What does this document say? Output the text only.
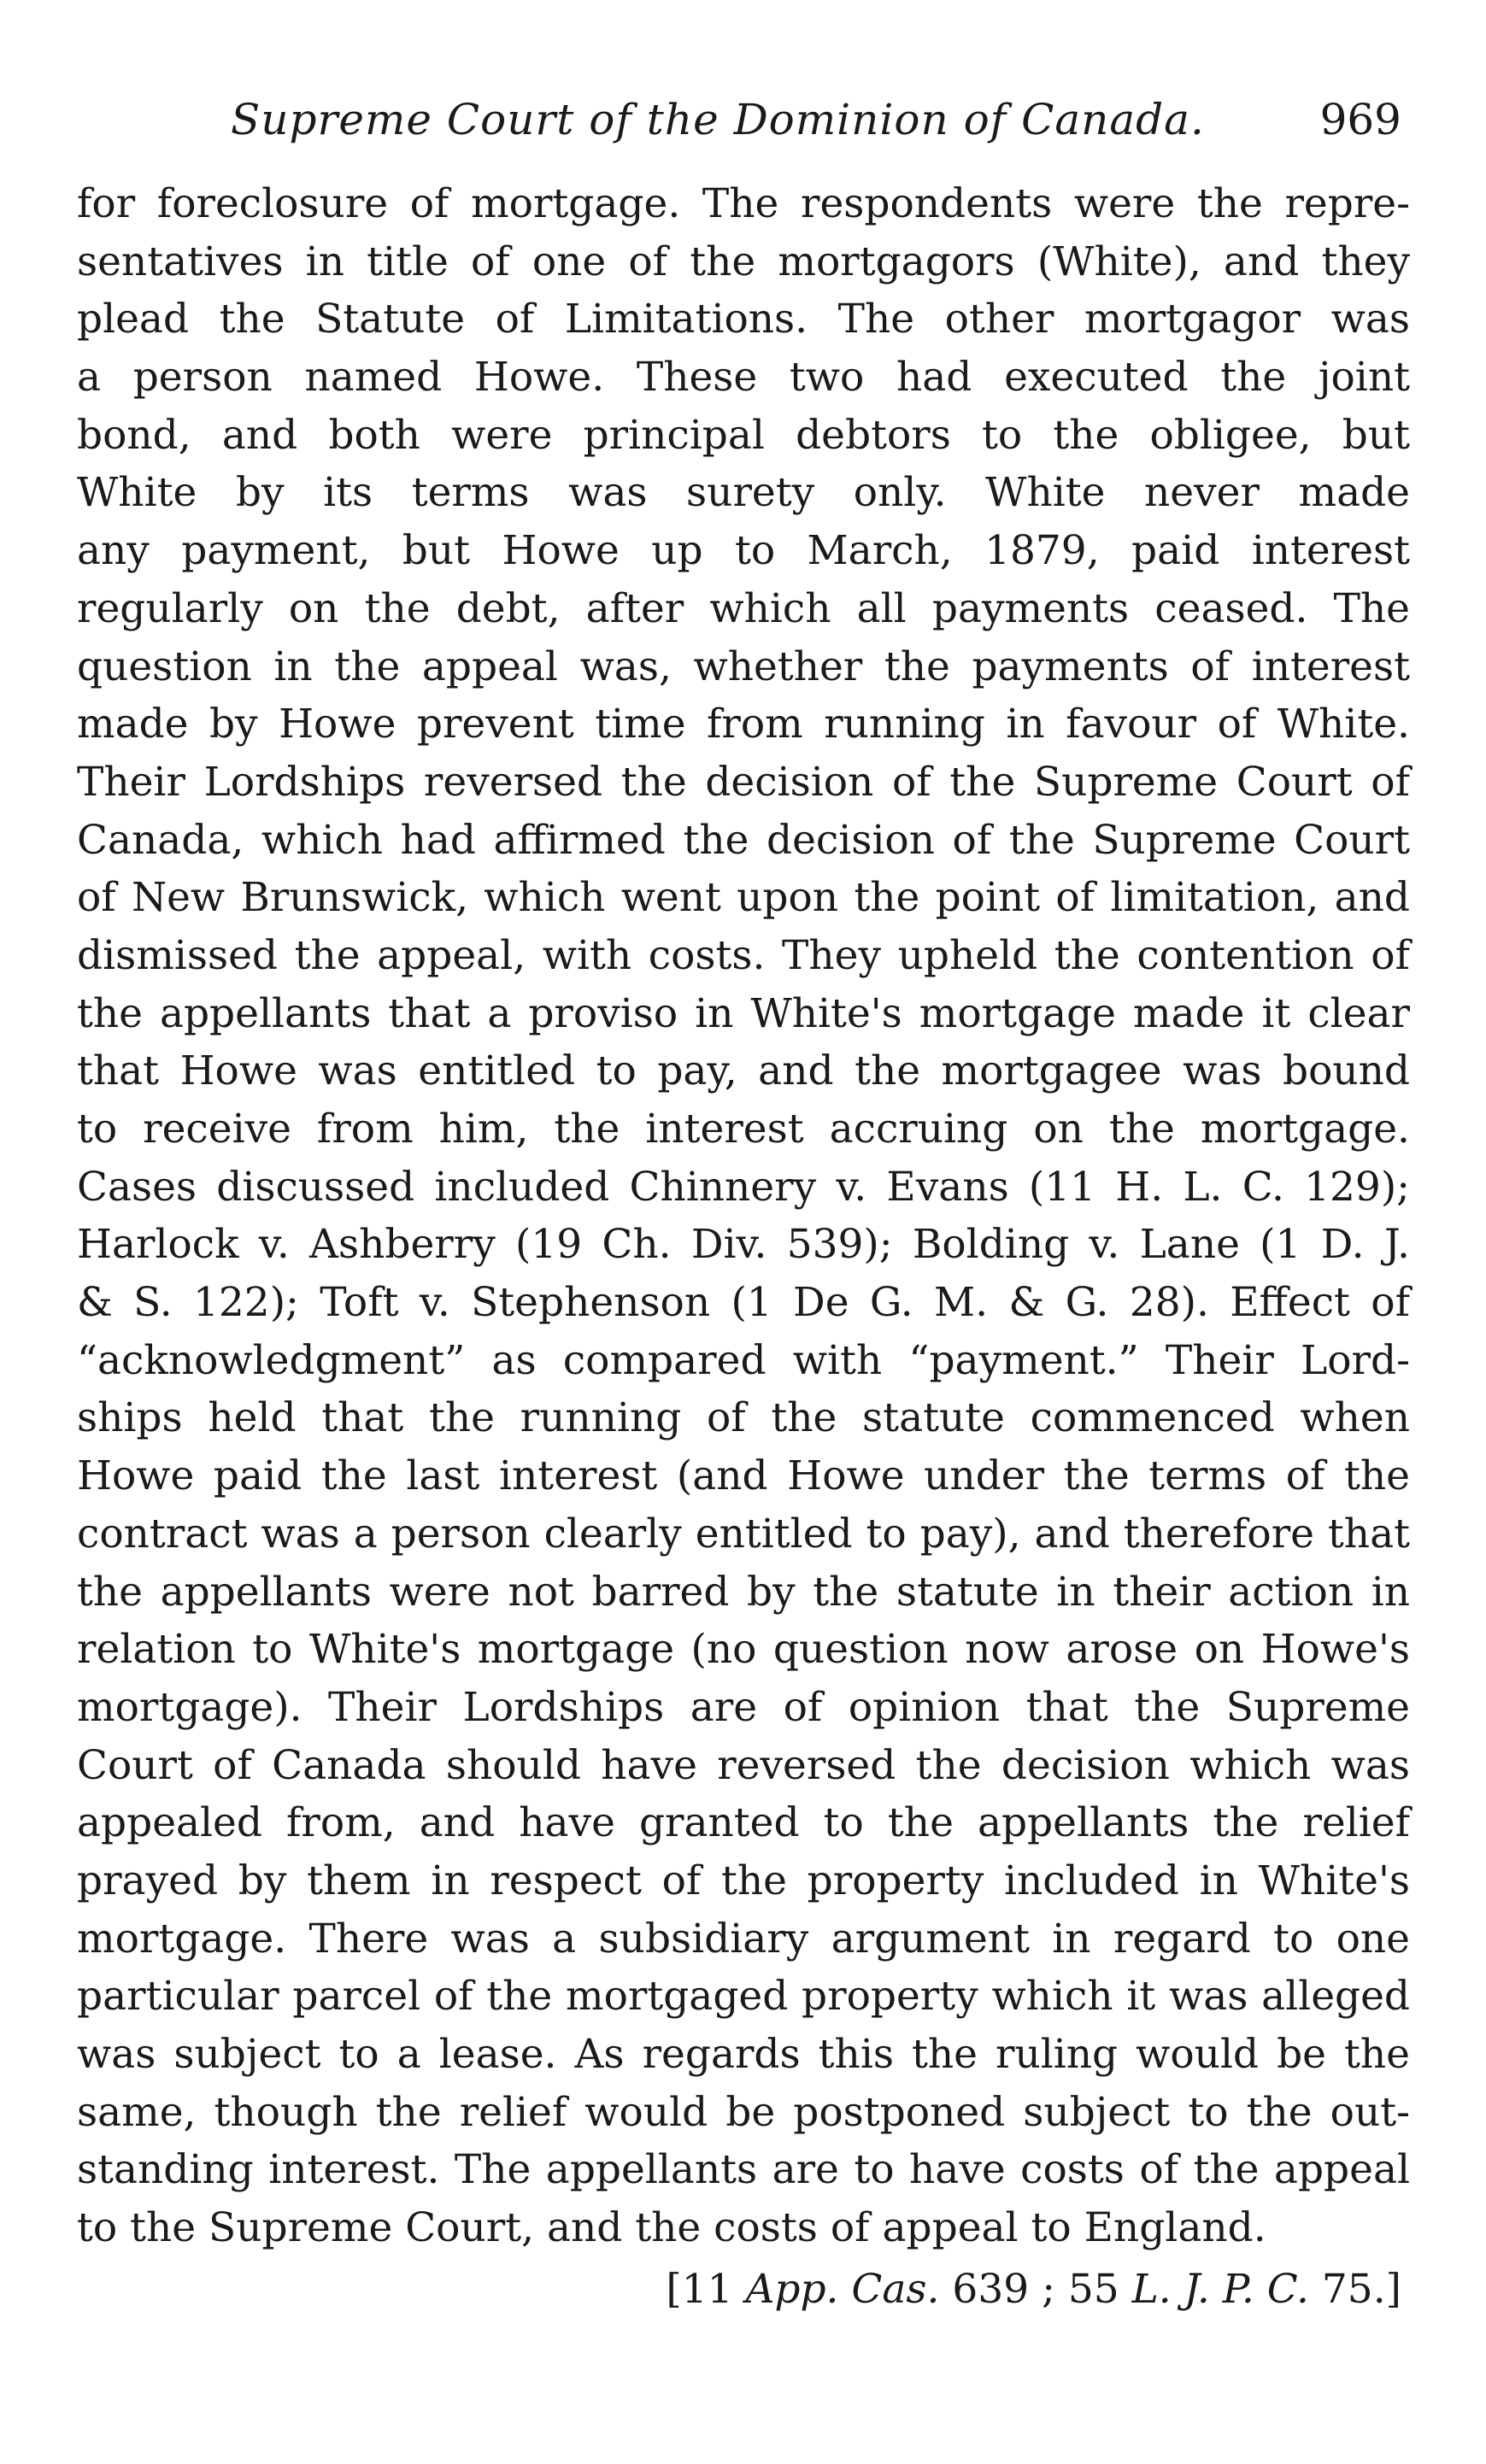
Supreme Court of the Dominion of Canada.	969
for foreclosure of mortgage. The respondents were the repre-
sentatives in title of one of the mortgagors (White), and they
plead the Statute of Limitations. The other mortgagor was
a person named Howe. These two had executed the joint
bond, and both were principal debtors to the obligee, but
White by its terms was surety only. White never made
any payment, but Howe up to March, 1879, paid interest
regularly on the debt, after which all payments ceased. The
question in the appeal was, whether the payments of interest
made by Howe prevent time from running in favour of White.
Their Lordships reversed the decision of the Supreme Court of
Canada, which had affirmed the decision of the Supreme Court
of New Brunswick, which went upon the point of limitation, and
dismissed the appeal, with costs. They upheld the contention of
the appellants that a proviso in White's mortgage made it clear
that Howe was entitled to pay, and the mortgagee was bound
to receive from him, the interest accruing on the mortgage.
Cases discussed included Chinnery v. Evans (11 H. L. C. 129);
Harlock v. Ashberry (19 Ch. Div. 539); Bolding v. Lane (1 D. J.
& S. 122); Toft v. Stephenson (1 De G. M. & G. 28). Effect of
“acknowledgment” as compared with “payment.” Their Lord-
ships held that the running of the statute commenced when
Howe paid the last interest (and Howe under the terms of the
contract was a person clearly entitled to pay), and therefore that
the appellants were not barred by the statute in their action in
relation to White's mortgage (no question now arose on Howe's
mortgage). Their Lordships are of opinion that the Supreme
Court of Canada should have reversed the decision which was
appealed from, and have granted to the appellants the relief
prayed by them in respect of the property included in White's
mortgage. There was a subsidiary argument in regard to one
particular parcel of the mortgaged property which it was alleged
was subject to a lease. As regards this the ruling would be the
same, though the relief would be postponed subject to the out-
standing interest. The appellants are to have costs of the appeal
to the Supreme Court, and the costs of appeal to England.
[11 App. Cas. 639 ; 55 L. J. P. C. 75.]
